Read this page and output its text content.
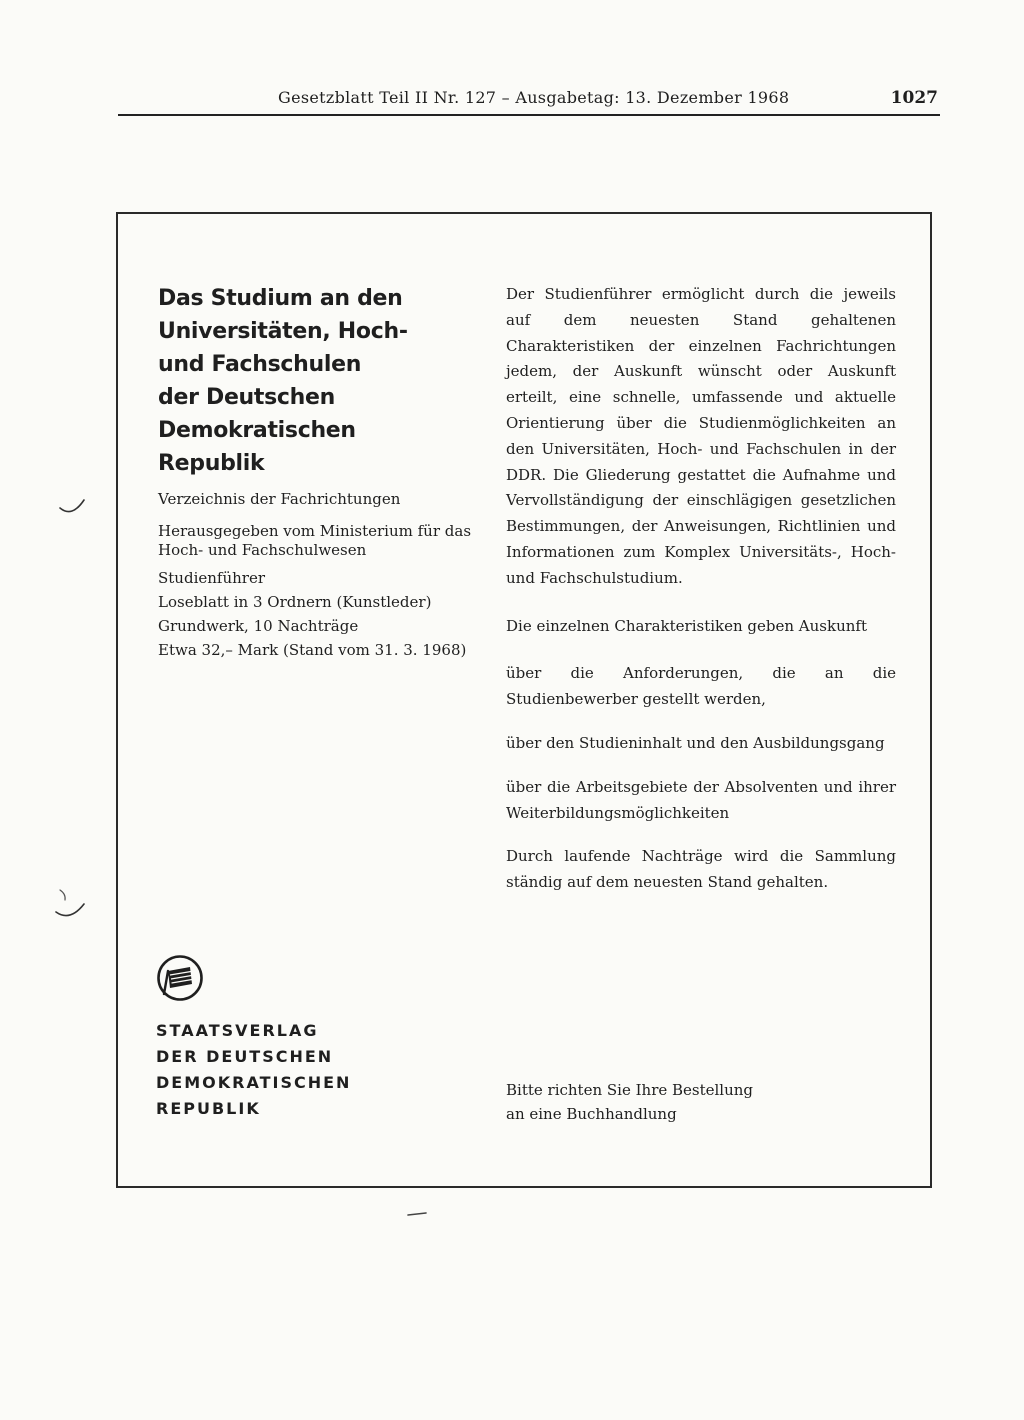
Gesetzblatt Teil II Nr. 127 – Ausgabetag: 13. Dezember 1968	1027
Das Studium an den
Universitäten, Hoch-
und Fachschulen
der Deutschen
Demokratischen
Republik
Verzeichnis der Fachrichtungen
Herausgegeben vom Ministerium für das Hoch- und Fachschulwesen
Studienführer
Loseblatt in 3 Ordnern (Kunstleder)
Grundwerk, 10 Nachträge
Etwa 32,– Mark (Stand vom 31. 3. 1968)

Der Studienführer ermöglicht durch die jeweils auf dem neuesten Stand gehaltenen Charakteristiken der einzelnen Fachrichtungen jedem, der Auskunft wünscht oder Auskunft erteilt, eine schnelle, umfassende und aktuelle Orientierung über die Studienmöglichkeiten an den Universitäten, Hoch- und Fachschulen in der DDR. Die Gliederung gestattet die Aufnahme und Vervollständigung der einschlägigen gesetzlichen Bestimmungen, der Anweisungen, Richtlinien und Informationen zum Komplex Universitäts-, Hoch- und Fachschulstudium.

Die einzelnen Charakteristiken geben Auskunft

über die Anforderungen, die an die Studienbewerber gestellt werden,

über den Studieninhalt und den Ausbildungsgang

über die Arbeitsgebiete der Absolventen und ihrer Weiterbildungsmöglichkeiten

Durch laufende Nachträge wird die Sammlung ständig auf dem neuesten Stand gehalten.

STAATSVERLAG
DER DEUTSCHEN
DEMOKRATISCHEN
REPUBLIK
Bitte richten Sie Ihre Bestellung
an eine Buchhandlung
